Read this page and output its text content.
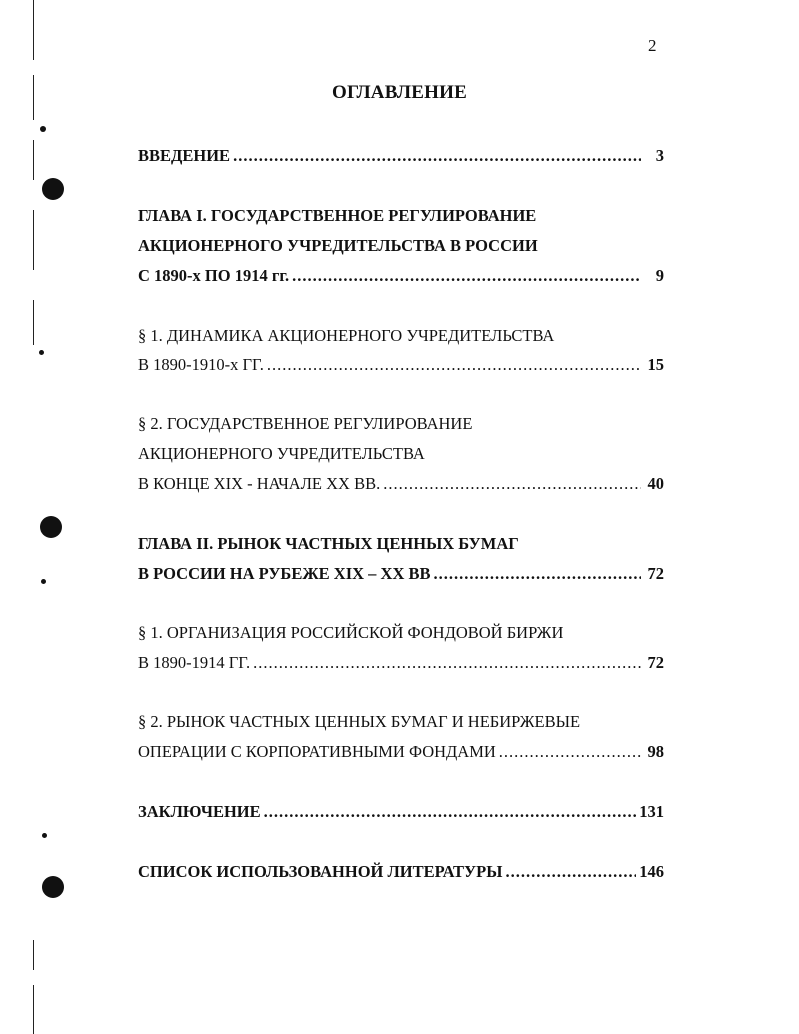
2
ОГЛАВЛЕНИЕ
ВВЕДЕНИЕ .....	3
ГЛАВА I. ГОСУДАРСТВЕННОЕ РЕГУЛИРОВАНИЕ
АКЦИОНЕРНОГО УЧРЕДИТЕЛЬСТВА В РОССИИ
С 1890-х ПО 1914 гг. .....	9
§ 1. ДИНАМИКА АКЦИОНЕРНОГО УЧРЕДИТЕЛЬСТВА
В 1890-1910-х ГГ. .....	15
§ 2. ГОСУДАРСТВЕННОЕ РЕГУЛИРОВАНИЕ
АКЦИОНЕРНОГО УЧРЕДИТЕЛЬСТВА
В КОНЦЕ XIX - НАЧАЛЕ XX ВВ. .....	40
ГЛАВА II. РЫНОК ЧАСТНЫХ ЦЕННЫХ БУМАГ
В РОССИИ НА РУБЕЖЕ XIX – XX ВВ .....	72
§ 1. ОРГАНИЗАЦИЯ РОССИЙСКОЙ ФОНДОВОЙ БИРЖИ
В 1890-1914 ГГ. .....	72
§ 2. РЫНОК ЧАСТНЫХ ЦЕННЫХ БУМАГ И НЕБИРЖЕВЫЕ
ОПЕРАЦИИ С КОРПОРАТИВНЫМИ ФОНДАМИ .....	98
ЗАКЛЮЧЕНИЕ .....	131
СПИСОК ИСПОЛЬЗОВАННОЙ ЛИТЕРАТУРЫ .....	146
